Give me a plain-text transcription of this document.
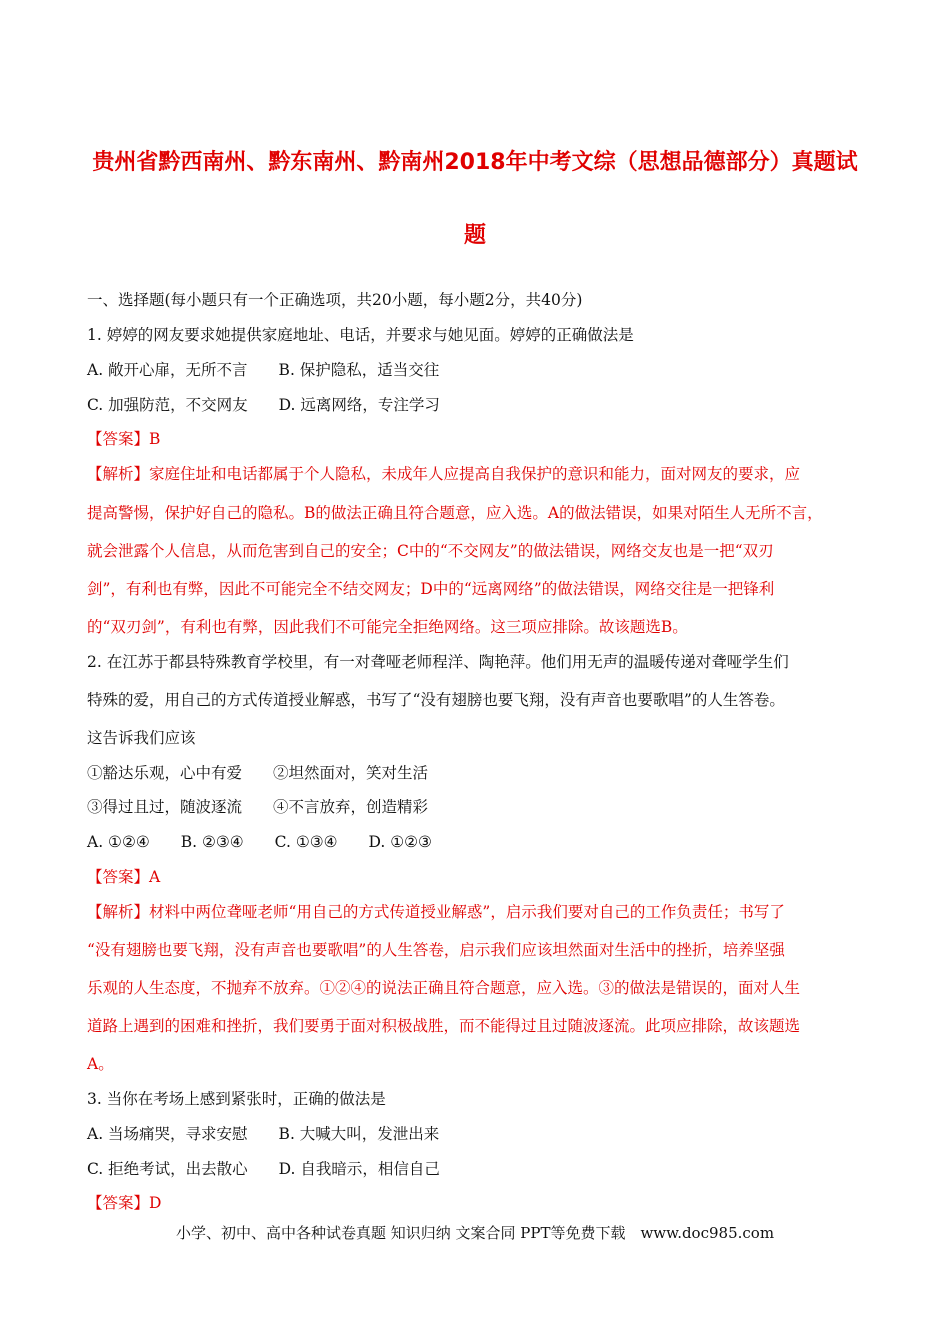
贵州省黔西南州、黔东南州、黔南州2018年中考文综（思想品德部分）真题试
题
一、选择题(每小题只有一个正确选项，共20小题，每小题2分，共40分)
1. 婷婷的网友要求她提供家庭地址、电话，并要求与她见面。婷婷的正确做法是
A. 敞开心扉，无所不言　　B. 保护隐私，适当交往
C. 加强防范，不交网友　　D. 远离网络，专注学习
【答案】B
【解析】家庭住址和电话都属于个人隐私，未成年人应提高自我保护的意识和能力，面对网友的要求，应
提高警惕，保护好自己的隐私。B的做法正确且符合题意，应入选。A的做法错误，如果对陌生人无所不言，
就会泄露个人信息，从而危害到自己的安全；C中的“不交网友”的做法错误，网络交友也是一把“双刃
剑”，有利也有弊，因此不可能完全不结交网友；D中的“远离网络”的做法错误，网络交往是一把锋利
的“双刃剑”，有利也有弊，因此我们不可能完全拒绝网络。这三项应排除。故该题选B。
2. 在江苏于都县特殊教育学校里，有一对聋哑老师程洋、陶艳萍。他们用无声的温暖传递对聋哑学生们
特殊的爱，用自己的方式传道授业解惑，书写了“没有翅膀也要飞翔，没有声音也要歌唱”的人生答卷。
这告诉我们应该
①豁达乐观，心中有爱　　②坦然面对，笑对生活
③得过且过，随波逐流　　④不言放弃，创造精彩
A. ①②④　　B. ②③④　　C. ①③④　　D. ①②③
【答案】A
【解析】材料中两位聋哑老师“用自己的方式传道授业解惑”，启示我们要对自己的工作负责任；书写了
“没有翅膀也要飞翔，没有声音也要歌唱”的人生答卷，启示我们应该坦然面对生活中的挫折，培养坚强
乐观的人生态度，不抛弃不放弃。①②④的说法正确且符合题意，应入选。③的做法是错误的，面对人生
道路上遇到的困难和挫折，我们要勇于面对积极战胜，而不能得过且过随波逐流。此项应排除，故该题选
A。
3. 当你在考场上感到紧张时，正确的做法是
A. 当场痛哭，寻求安慰　　B. 大喊大叫，发泄出来
C. 拒绝考试，出去散心　　D. 自我暗示，相信自己
【答案】D
小学、初中、高中各种试卷真题 知识归纳 文案合同 PPT等免费下载　www.doc985.com
